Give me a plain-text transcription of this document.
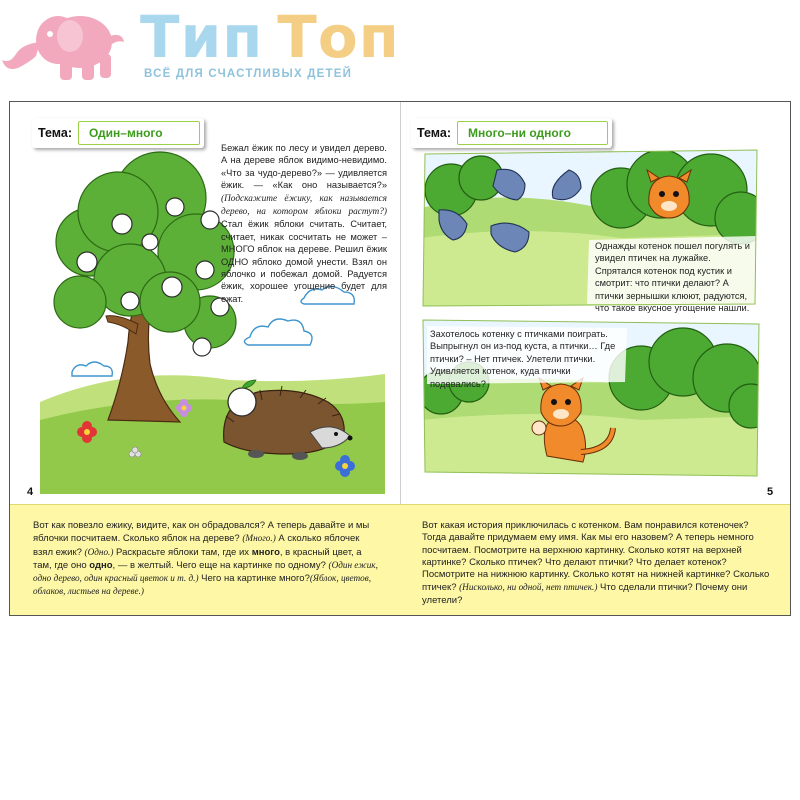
Тип Топ
ВСЁ ДЛЯ СЧАСТЛИВЫХ ДЕТЕЙ
Тема:	Один–много
Бежал ёжик по лесу и увидел дерево. А на дереве яблок видимо-невидимо. «Что за чудо-дерево?» — удивляется ёжик. — «Как оно называется?» (Подскажите ёжику, как называется дерево, на котором яблоки растут?) Стал ёжик яблоки считать. Считает, считает, никак сосчитать не может – МНОГО яблок на дереве. Решил ёжик ОДНО яблоко домой унести. Взял он яблочко и побежал домой. Радуется ёжик, хорошее угощение будет для ежат.
4
Тема:	Много–ни одного
Однажды котенок пошел погулять и увидел птичек на лужайке. Спрятался котенок под кустик и смотрит: что птички делают? А птички зернышки клюют, радуются, что такое вкусное угощение нашли.
Захотелось котенку с птичками поиграть. Выпрыгнул он из-под куста, а птички… Где птички? – Нет птичек. Улетели птички. Удивляется котенок, куда птички подевались?
5
Вот как повезло ежику, видите, как он обрадовался? А теперь давайте и мы яблочки посчитаем. Сколько яблок на дереве? (Много.) А сколько яблочек взял ежик? (Одно.) Раскрасьте яблоки там, где их много, в красный цвет, а там, где оно одно, — в желтый. Чего еще на картинке по одному? (Один ежик, одно дерево, один красный цветок и т. д.) Чего на картинке много?(Яблок, цветов, облаков, листьев на дереве.)
Вот какая история приключилась с котенком. Вам понравился котеночек? Тогда давайте придумаем ему имя. Как мы его назовем? А теперь немного посчитаем. Посмотрите на верхнюю картинку. Сколько котят на верхней картинке? Сколько птичек? Что делают птички? Что делает котенок? Посмотрите на нижнюю картинку. Сколько котят на нижней картинке? Сколько птичек? (Нисколько, ни одной, нет птичек.) Что сделали птички? Почему они улетели?
